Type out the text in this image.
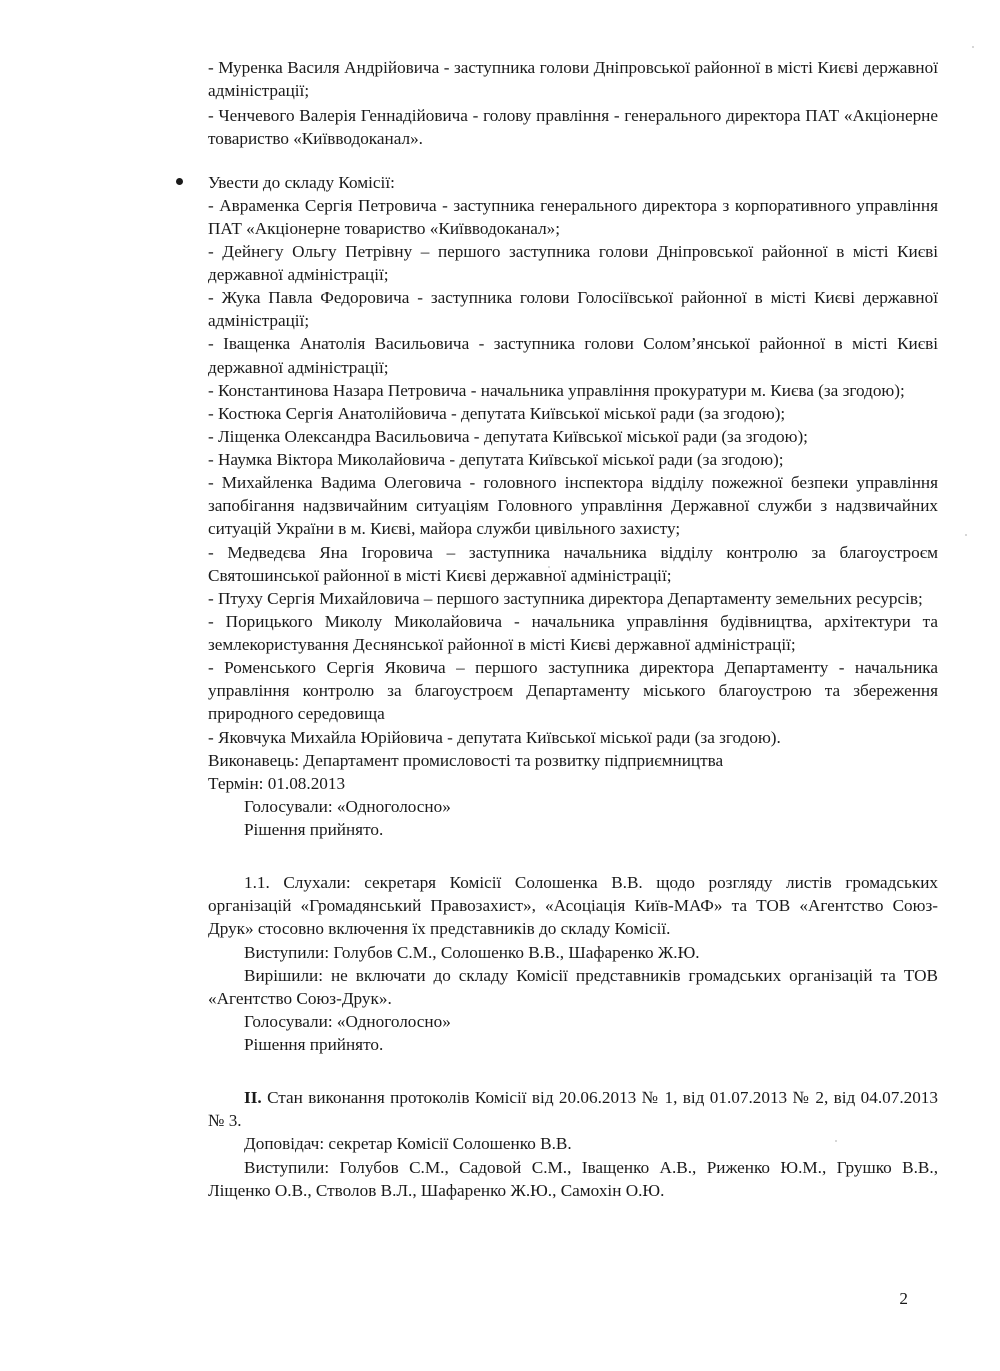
- Муренка Василя Андрійовича - заступника голови Дніпровської районної в місті Києві державної адміністрації;

- Ченчевого Валерія Геннадійовича - голову правління - генерального директора ПАТ «Акціонерне товариство «Київводоканал».

Увести до складу Комісії:

- Авраменка Сергія Петровича - заступника генерального директора з корпоративного управління ПАТ «Акціонерне товариство «Київводоканал»;

- Дейнегу Ольгу Петрівну – першого заступника голови Дніпровської районної в місті Києві державної адміністрації;

- Жука Павла Федоровича - заступника голови Голосіївської районної в місті Києві державної адміністрації;

- Іващенка Анатолія Васильовича - заступника голови Солом’янської районної в місті Києві державної адміністрації;

- Константинова Назара Петровича - начальника управління прокуратури м. Києва (за згодою);

- Костюка Сергія Анатолійовича - депутата Київської міської ради (за згодою);

- Ліщенка Олександра Васильовича - депутата Київської міської ради (за згодою);

- Наумка Віктора Миколайовича - депутата Київської міської ради (за згодою);

- Михайленка Вадима Олеговича - головного інспектора відділу пожежної безпеки управління запобігання надзвичайним ситуаціям Головного управління Державної служби з надзвичайних ситуацій України в м. Києві, майора служби цивільного захисту;

- Медведєва Яна Ігоровича – заступника начальника відділу контролю за благоустроєм Святошинської районної в місті Києві державної адміністрації;

- Птуху Сергія Михайловича – першого заступника директора Департаменту земельних ресурсів;

- Порицького Миколу Миколайовича - начальника управління будівництва, архітектури та землекористування Деснянської районної в місті Києві державної адміністрації;

- Роменського Сергія Яковича – першого заступника директора Департаменту - начальника управління контролю за благоустроєм Департаменту міського благоустрою та збереження природного середовища

- Яковчука Михайла Юрійовича - депутата Київської міської ради (за згодою).

Виконавець: Департамент промисловості та розвитку підприємництва

Термін: 01.08.2013

Голосували: «Одноголосно»

Рішення прийнято.

1.1. Слухали: секретаря Комісії Солошенка В.В. щодо розгляду листів громадських організацій «Громадянський Правозахист», «Асоціація Київ-МАФ» та ТОВ «Агентство Союз-Друк» стосовно включення їх представників до складу Комісії.

Виступили: Голубов С.М., Солошенко В.В., Шафаренко Ж.Ю.

Вирішили: не включати до складу Комісії представників громадських організацій та ТОВ «Агентство Союз-Друк».

Голосували: «Одноголосно»

Рішення прийнято.

II. Стан виконання протоколів Комісії від 20.06.2013 № 1, від 01.07.2013 № 2, від 04.07.2013 № 3.

Доповідач: секретар Комісії Солошенко В.В.

Виступили: Голубов С.М., Садовой С.М., Іващенко А.В., Риженко Ю.М., Грушко В.В., Ліщенко О.В., Стволов В.Л., Шафаренко Ж.Ю., Самохін О.Ю.

2
